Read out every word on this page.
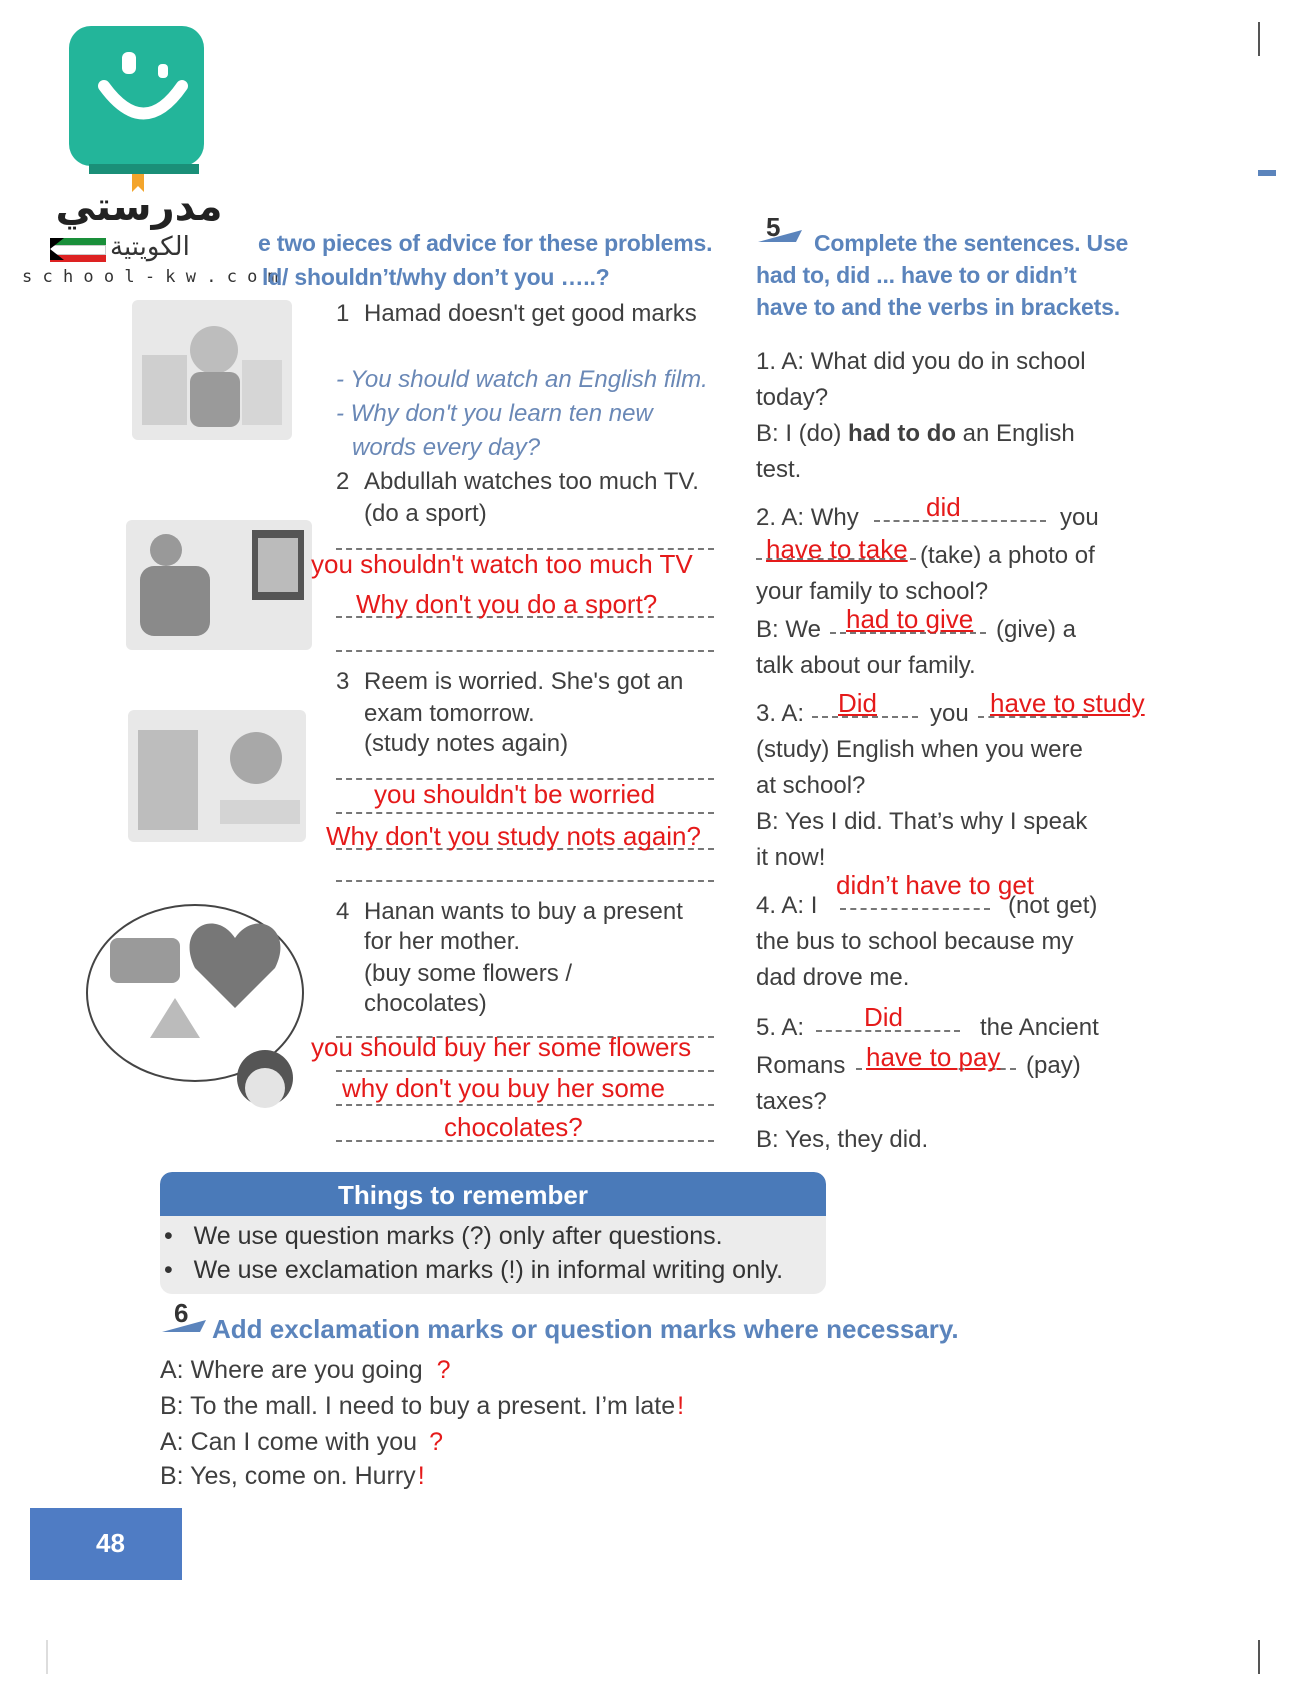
مدرستي
الكويتية
s c h o o l - k w . c o m
e two pieces of advice for these problems.
ld/ shouldn’t/why don’t you …..?
1 Hamad doesn't get good marks
- You should watch an English film.
- Why don't you learn ten new
words every day?
2 Abdullah watches too much TV.
(do a sport)
you shouldn't watch too much TV
Why don't you do a sport?
3 Reem is worried. She's got an
exam tomorrow.
(study notes again)
you shouldn't be worried
Why don't you study nots again?
4 Hanan wants to buy a present
for her mother.
(buy some flowers /
chocolates)
you should buy her some flowers
why don't you buy her some
chocolates?
5
Complete the sentences. Use
had to, did ... have to or didn’t
have to and the verbs in brackets.
1. A: What did you do in school
today?
B: I (do) had to do an English
test.
2. A: Why	you
did
have to take (take) a photo of
your family to school?
B: We had to give (give) a
talk about our family.
3. A: Did you have to study
(study) English when you were
at school?
B: Yes I did. That’s why I speak
it now!
didn’t have to get
4. A: I	(not get)
the bus to school because my
dad drove me.
5. A: Did	the Ancient
Romans have to pay (pay)
taxes?
B: Yes, they did.
Things to remember
•   We use question marks (?) only after questions.
•   We use exclamation marks (!) in informal writing only.
6
Add exclamation marks or question marks where necessary.
A: Where are you going ?
B: To the mall. I need to buy a present. I’m late!
A: Can I come with you ?
B: Yes, come on. Hurry!
48
